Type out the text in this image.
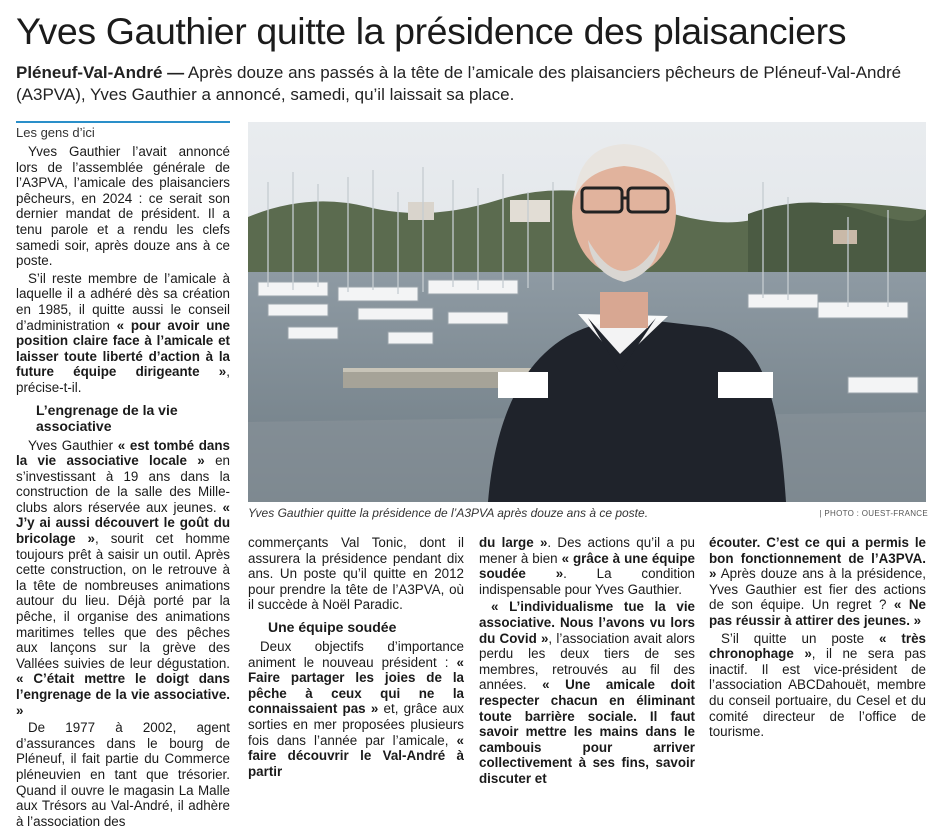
Yves Gauthier quitte la présidence des plaisanciers
Pléneuf-Val-André — Après douze ans passés à la tête de l’amicale des plaisanciers pêcheurs de Pléneuf-Val-André (A3PVA), Yves Gauthier a annoncé, samedi, qu’il laissait sa place.
Les gens d’ici

Yves Gauthier l’avait annoncé lors de l’assemblée générale de l’A3PVA, l’amicale des plaisanciers pêcheurs, en 2024 : ce serait son dernier mandat de président. Il a tenu parole et a rendu les clefs samedi soir, après douze ans à ce poste.

S’il reste membre de l’amicale à laquelle il a adhéré dès sa création en 1985, il quitte aussi le conseil d’administration « pour avoir une position claire face à l’amicale et laisser toute liberté d’action à la future équipe dirigeante », précise-t-il.

L’engrenage de la vie associative

Yves Gauthier « est tombé dans la vie associative locale » en s’investissant à 19 ans dans la construction de la salle des Mille-clubs alors réservée aux jeunes. « J’y ai aussi découvert le goût du bricolage », sourit cet homme toujours prêt à saisir un outil. Après cette construction, on le retrouve à la tête de nombreuses animations autour du lieu. Déjà porté par la pêche, il organise des animations maritimes telles que des pêches aux lançons sur la grève des Vallées suivies de leur dégustation. « C’était mettre le doigt dans l’engrenage de la vie associative. »

De 1977 à 2002, agent d’assurances dans le bourg de Pléneuf, il fait partie du Commerce pléneuvien en tant que trésorier. Quand il ouvre le magasin La Malle aux Trésors au Val-André, il adhère à l’association des

Yves Gauthier quitte la présidence de l’A3PVA après douze ans à ce poste.	| PHOTO : OUEST-FRANCE

commerçants Val Tonic, dont il assurera la présidence pendant dix ans. Un poste qu’il quitte en 2012 pour prendre la tête de l’A3PVA, où il succède à Noël Paradic.

Une équipe soudée

Deux objectifs d’importance animent le nouveau président : « Faire partager les joies de la pêche à ceux qui ne la connaissaient pas » et, grâce aux sorties en mer proposées plusieurs fois dans l’année par l’amicale, « faire découvrir le Val-André à partir

du large ». Des actions qu’il a pu mener à bien « grâce à une équipe soudée ». La condition indispensable pour Yves Gauthier.

« L’individualisme tue la vie associative. Nous l’avons vu lors du Covid », l’association avait alors perdu les deux tiers de ses membres, retrouvés au fil des années. « Une amicale doit respecter chacun en éliminant toute barrière sociale. Il faut savoir mettre les mains dans le cambouis pour arriver collectivement à ses fins, savoir discuter et

écouter. C’est ce qui a permis le bon fonctionnement de l’A3PVA. » Après douze ans à la présidence, Yves Gauthier est fier des actions de son équipe. Un regret ? « Ne pas réussir à attirer des jeunes. »

S’il quitte un poste « très chronophage », il ne sera pas inactif. Il est vice-président de l’association ABCDahouët, membre du conseil portuaire, du Cesel et du comité directeur de l’office de tourisme.
